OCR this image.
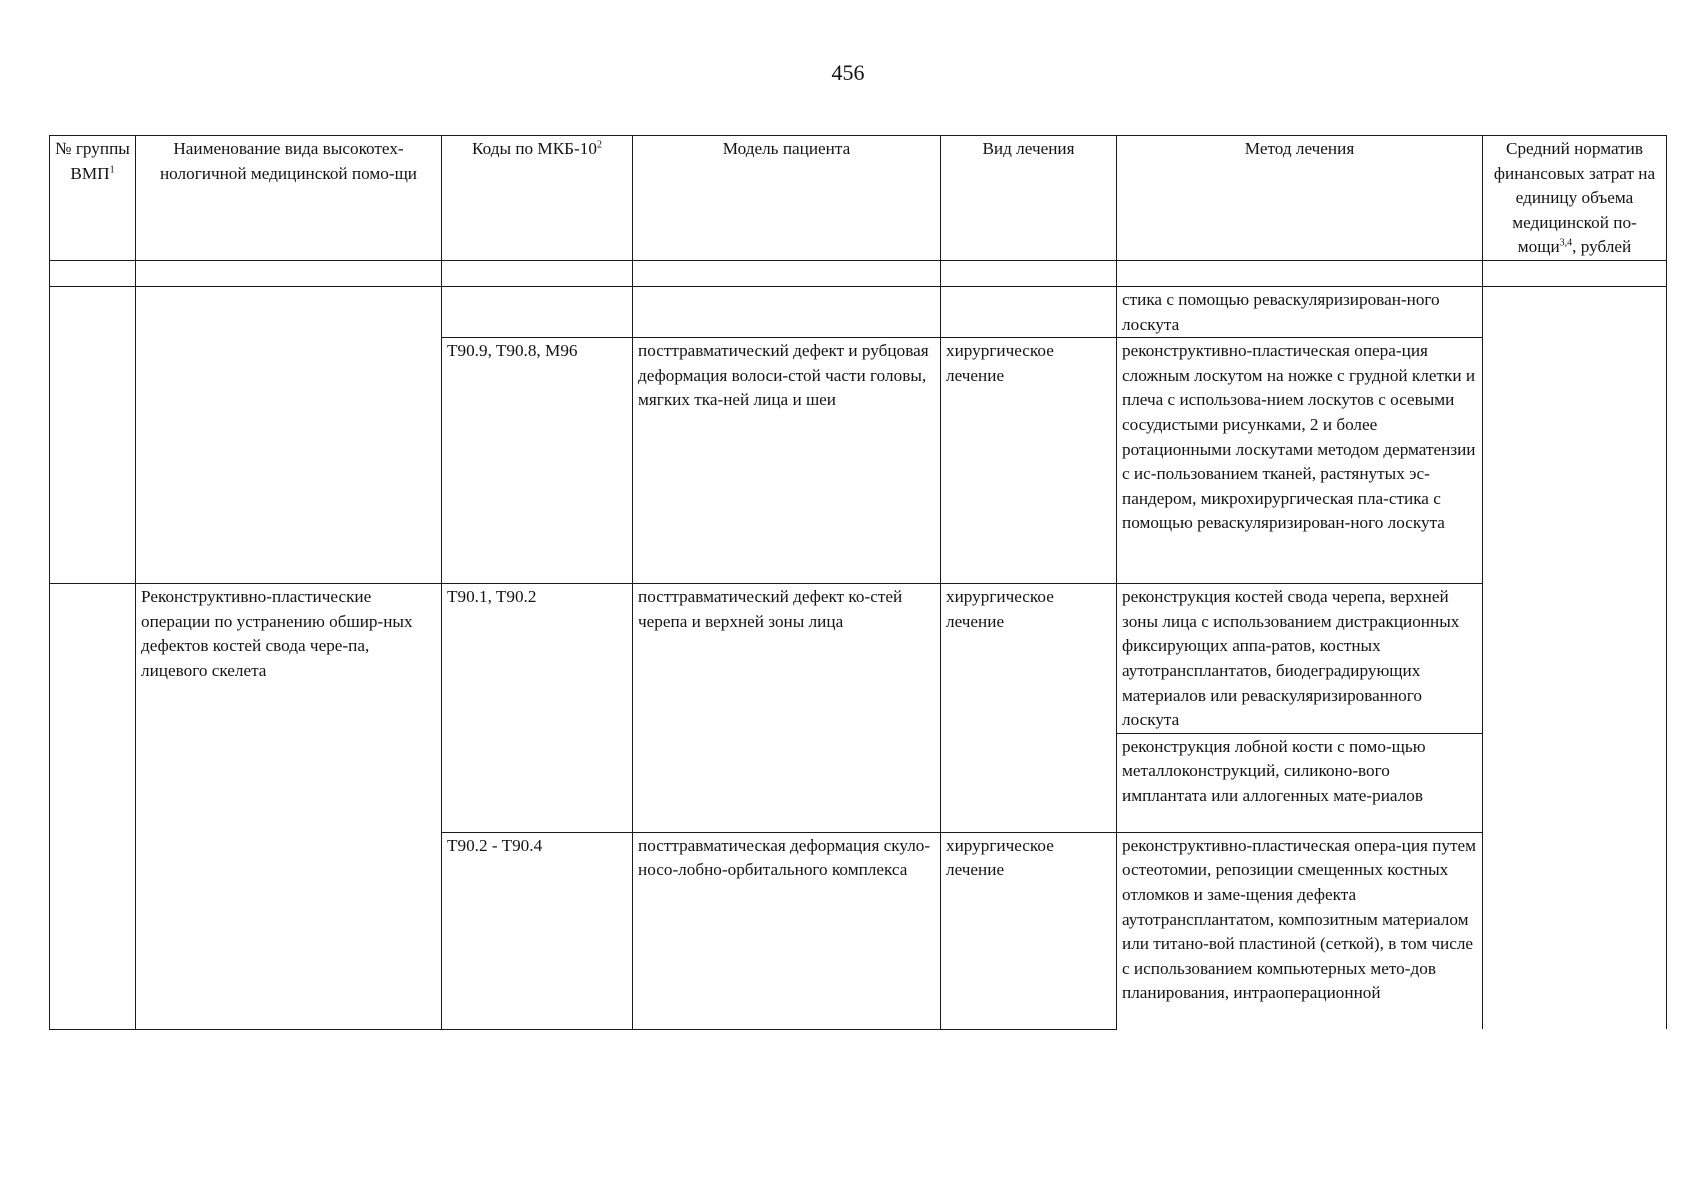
456
№ группы ВМП$^1$	Наименование вида высокотех-нологичной медицинской помо-щи	Коды по МКБ-$10^2$	Модель пациента	Вид лечения	Метод лечения	Средний норматив финансовых затрат на единицу объема медицинской по-мощи$^{3,4}$, рублей

					стика с помощью реваскуляризирован-ного лоскута	
		T90.9, T90.8, M96	посттравматический дефект и рубцовая деформация волоси-стой части головы, мягких тка-ней лица и шеи	хирургическое лечение	реконструктивно-пластическая опера-ция сложным лоскутом на ножке с грудной клетки и плеча с использова-нием лоскутов с осевыми сосудистыми рисунками, 2 и более ротационными лоскутами методом дерматензии с ис-пользованием тканей, растянутых эс-пандером, микрохирургическая пла-стика с помощью реваскуляризирован-ного лоскута	
	Реконструктивно-пластические операции по устранению обшир-ных дефектов костей свода чере-па, лицевого скелета	T90.1, T90.2	посттравматический дефект ко-стей черепа и верхней зоны лица	хирургическое лечение	реконструкция костей свода черепа, верхней зоны лица с использованием дистракционных фиксирующих аппа-ратов, костных аутотрансплантатов, биодеградирующих материалов или реваскуляризированного лоскута	
					реконструкция лобной кости с помо-щью металлоконструкций, силиконо-вого имплантата или аллогенных мате-риалов	
		T90.2 - T90.4	посттравматическая деформация скуло-носо-лобно-орбитального комплекса	хирургическое лечение	реконструктивно-пластическая опера-ция путем остеотомии, репозиции смещенных костных отломков и заме-щения дефекта аутотрансплантатом, композитным материалом или титано-вой пластиной (сеткой), в том числе с использованием компьютерных мето-дов планирования, интраоперационной	
